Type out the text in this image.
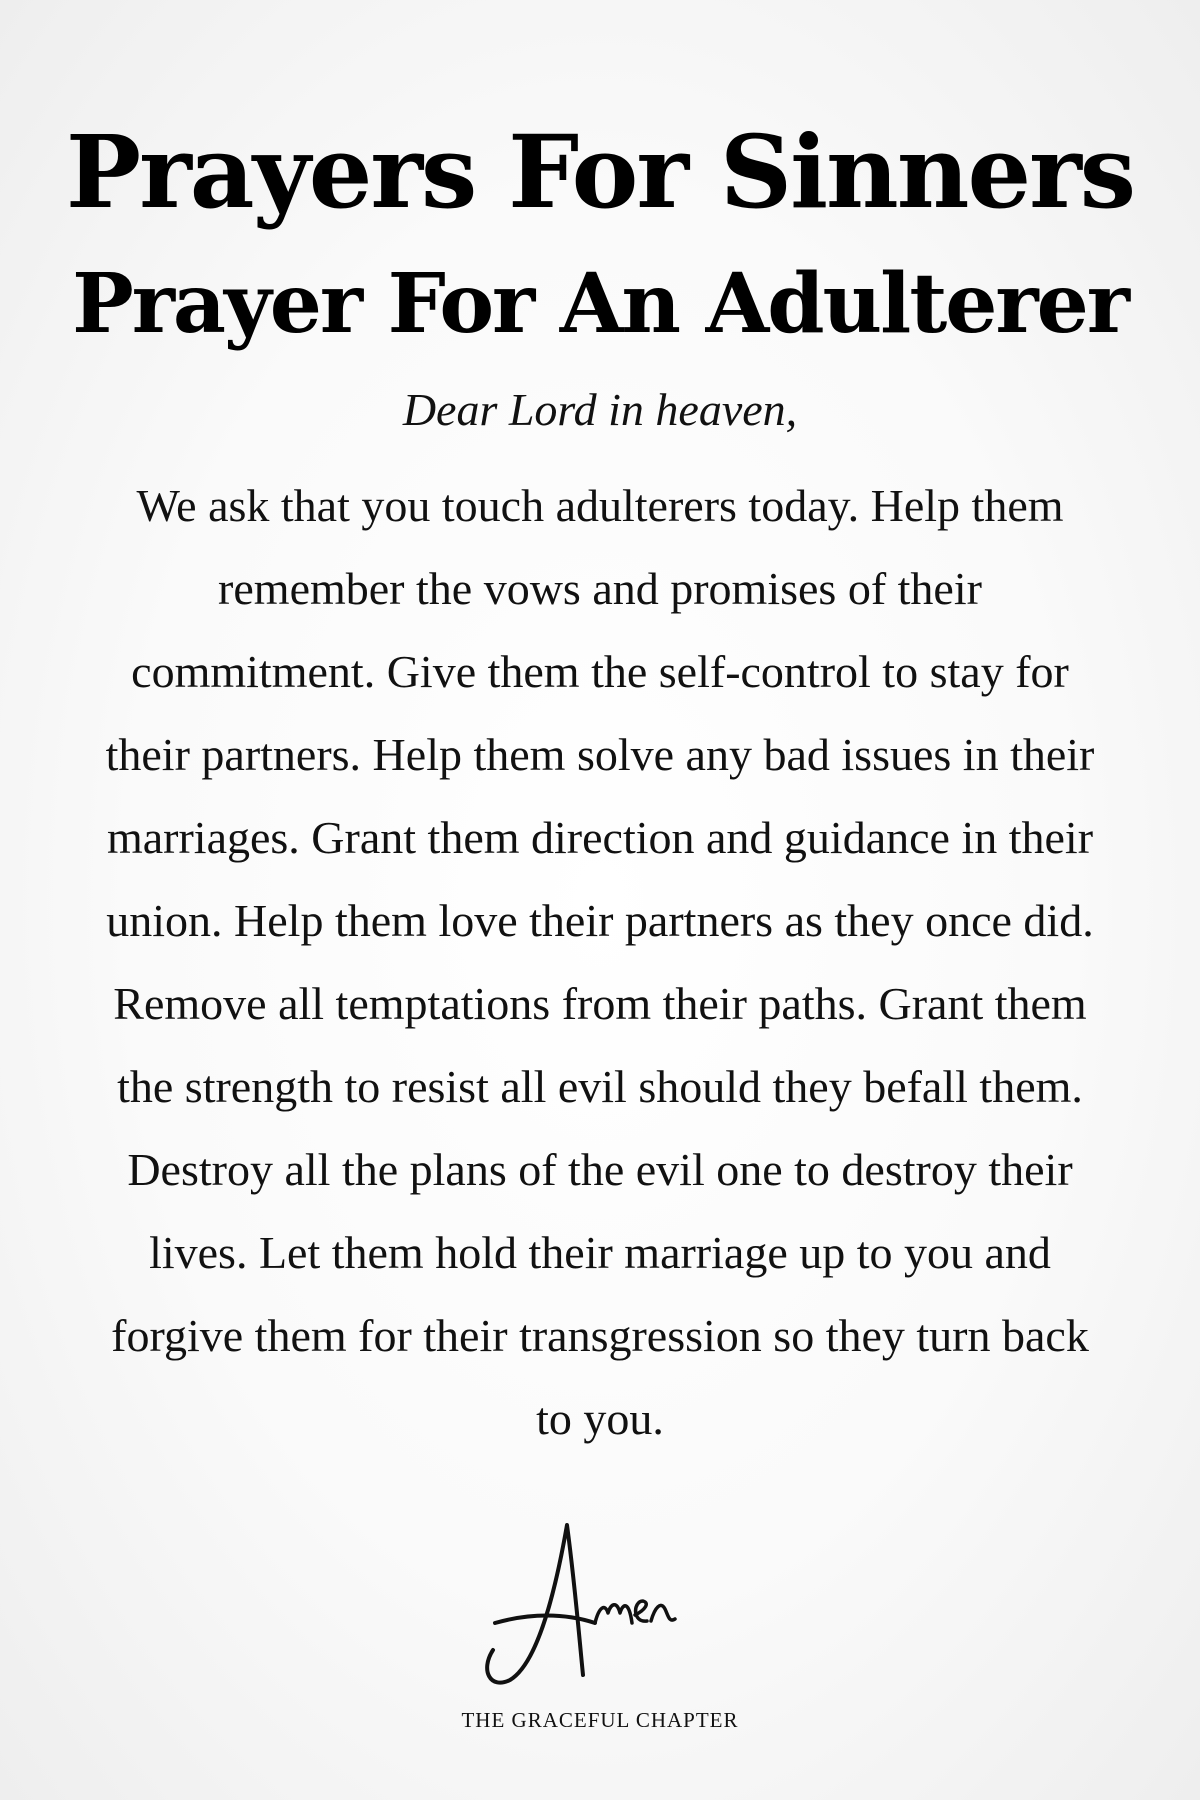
Prayers For Sinners
Prayer For An Adulterer
Dear Lord in heaven,
We ask that you touch adulterers today. Help them remember the vows and promises of their commitment. Give them the self-control to stay for their partners. Help them solve any bad issues in their marriages. Grant them direction and guidance in their union. Help them love their partners as they once did. Remove all temptations from their paths. Grant them the strength to resist all evil should they befall them. Destroy all the plans of the evil one to destroy their lives. Let them hold their marriage up to you and forgive them for their transgression so they turn back to you.
THE GRACEFUL CHAPTER
